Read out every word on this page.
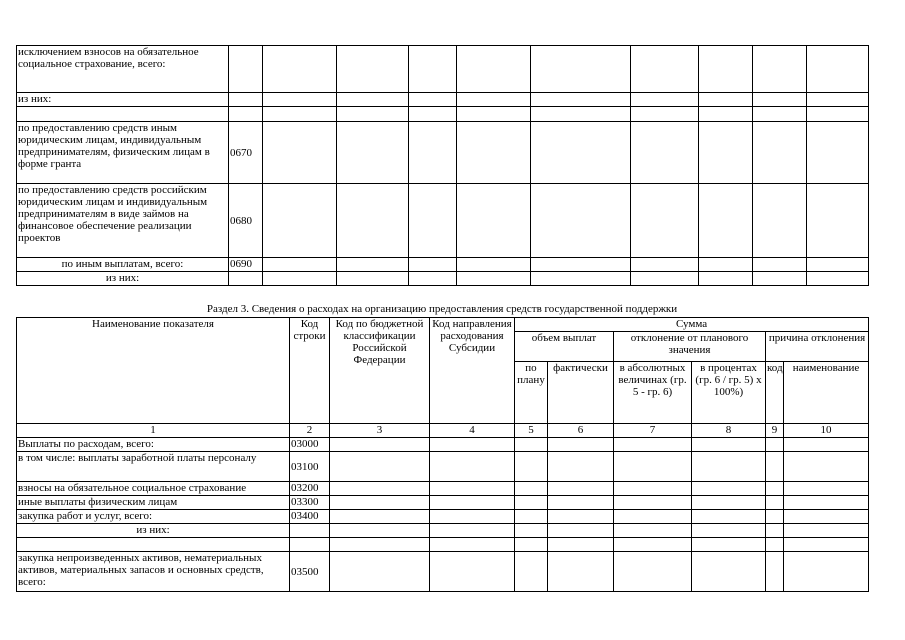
исключением взносов на обязательное социальное страхование, всего:										
из них:										

по предоставлению средств иным юридическим лицам, индивидуальным предпринимателям, физическим лицам в форме гранта	0670									
по предоставлению средств российским юридическим лицам и индивидуальным предпринимателям в виде займов на финансовое обеспечение реализации проектов	0680									
по иным выплатам, всего:	0690									
из них:										
Раздел 3. Сведения о расходах на организацию предоставления средств государственной поддержки
Наименование показателя	Код строки	Код по бюджетной классификации Российской Федерации	Код направления расходования Субсидии	Сумма					
				объем выплат		отклонение от планового значения		причина отклонения	
				по плану	фактически	в абсолютных величинах (гр. 5 - гр. 6)	в процентах (гр. 6 / гр. 5) x 100%)	код	наименование
1	2	3	4	5	6	7	8	9	10
Выплаты по расходам, всего:	03000								
в том числе: выплаты заработной платы персоналу	03100								
взносы на обязательное социальное страхование	03200								
иные выплаты физическим лицам	03300								
закупка работ и услуг, всего:	03400								
из них:									

закупка непроизведенных активов, нематериальных активов, материальных запасов и основных средств, всего:	03500								
